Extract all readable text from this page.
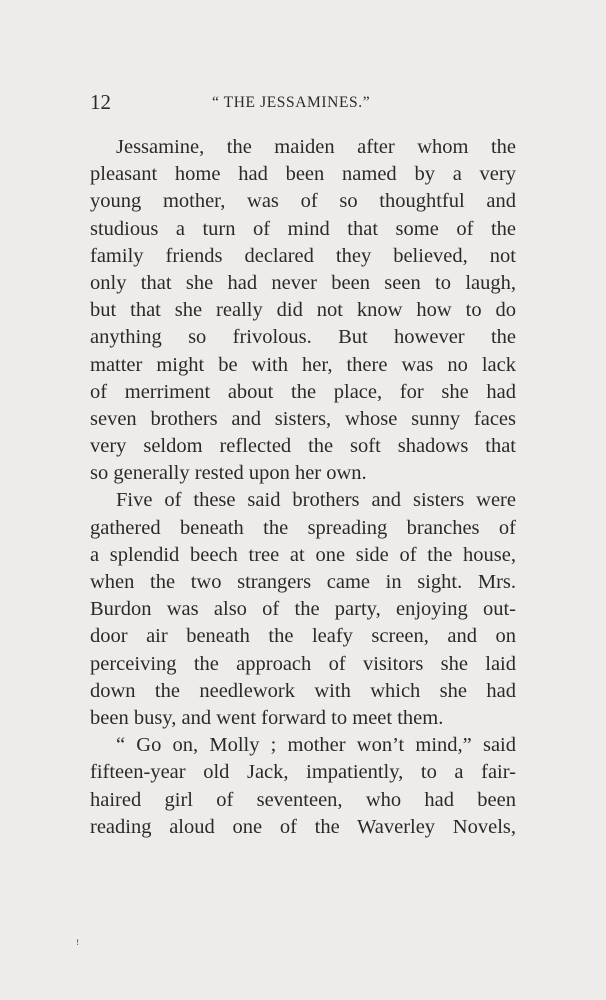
12	“ THE JESSAMINES.”

Jessamine, the maiden after whom the
pleasant home had been named by a very
young mother, was of so thoughtful and
studious a turn of mind that some of the
family friends declared they believed, not
only that she had never been seen to laugh,
but that she really did not know how to do
anything so frivolous. But however the
matter might be with her, there was no lack
of merriment about the place, for she had
seven brothers and sisters, whose sunny faces
very seldom reflected the soft shadows that
so generally rested upon her own.

Five of these said brothers and sisters were
gathered beneath the spreading branches of
a splendid beech tree at one side of the house,
when the two strangers came in sight. Mrs.
Burdon was also of the party, enjoying out-
door air beneath the leafy screen, and on
perceiving the approach of visitors she laid
down the needlework with which she had
been busy, and went forward to meet them.

“ Go on, Molly ; mother won’t mind,” said
fifteen-year old Jack, impatiently, to a fair-
haired girl of seventeen, who had been
reading aloud one of the Waverley Novels,

ꜝ
